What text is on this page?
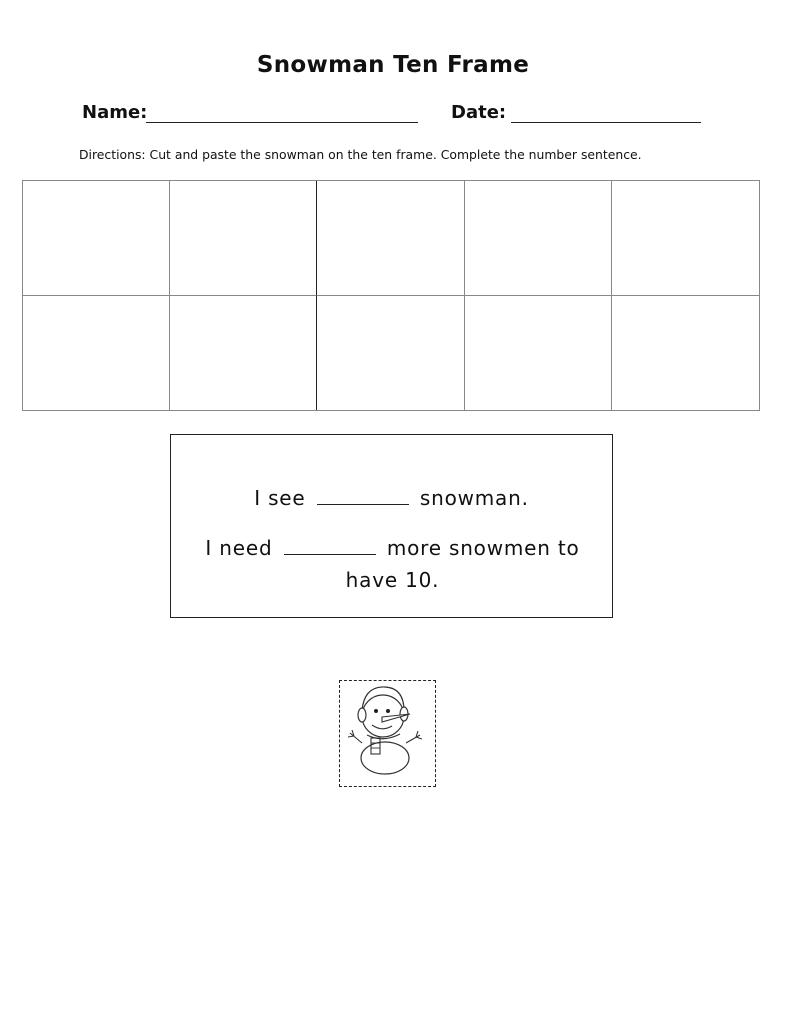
Snowman Ten Frame
Name:	Date:
Directions: Cut and paste the snowman on the ten frame. Complete the number sentence.
I see	snowman.
I need	more snowmen to have 10.
